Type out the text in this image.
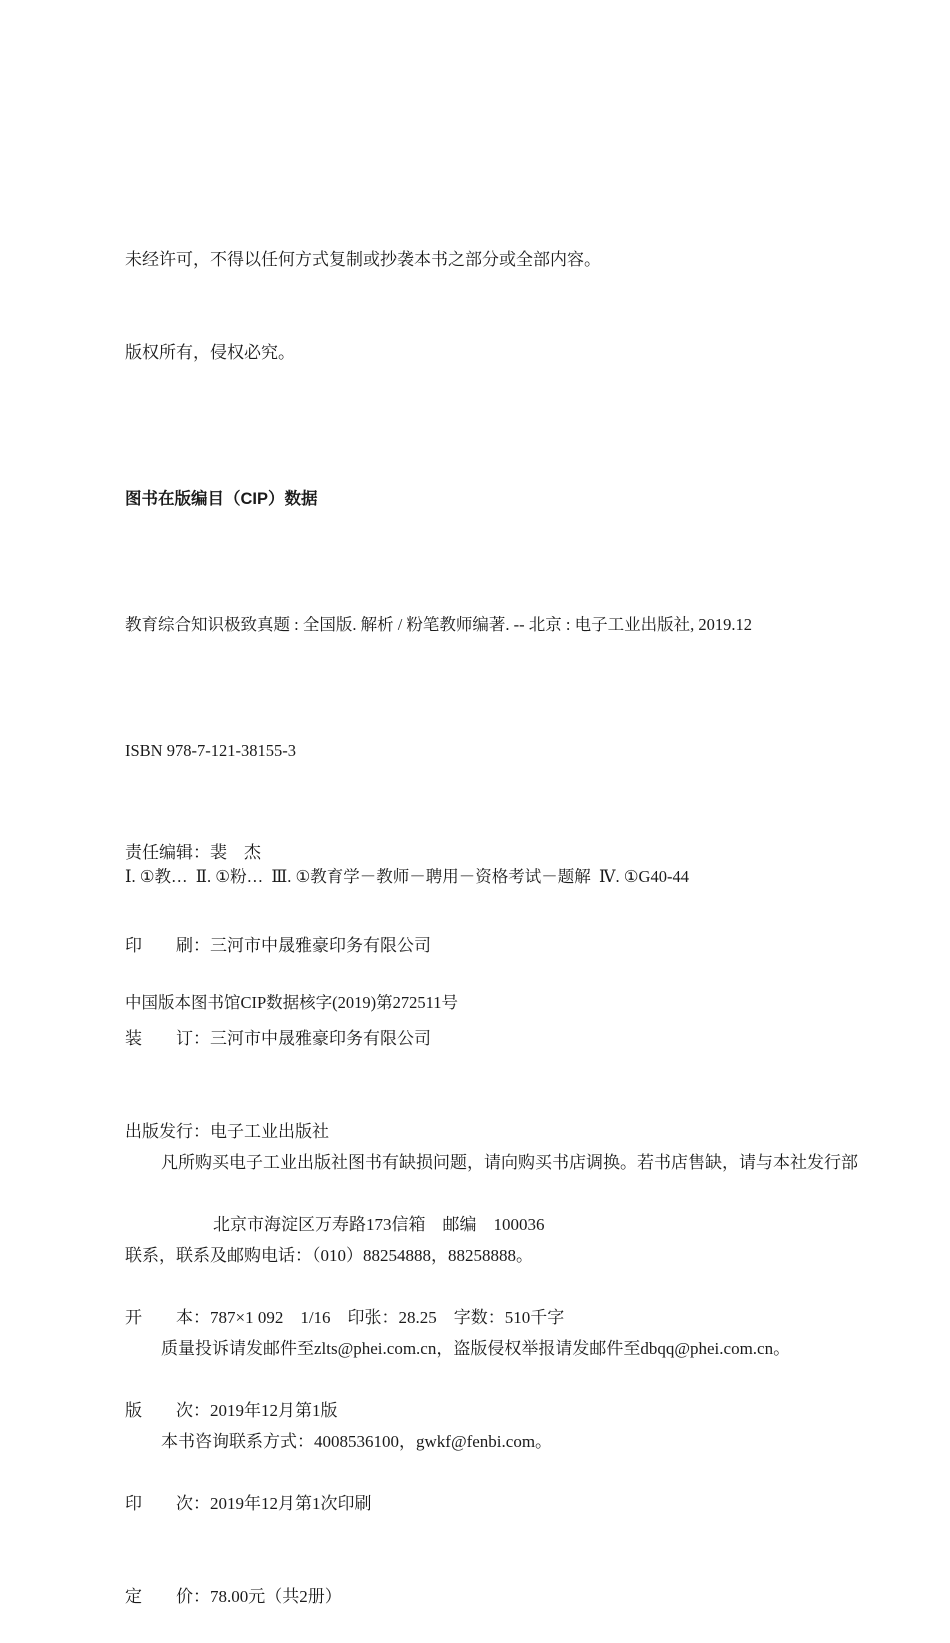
未经许可，不得以任何方式复制或抄袭本书之部分或全部内容。

版权所有，侵权必究。

图书在版编目（CIP）数据

教育综合知识极致真题 : 全国版. 解析 / 粉笔教师编著. -- 北京 : 电子工业出版社, 2019.12

ISBN 978-7-121-38155-3

Ⅰ. ①教…  Ⅱ. ①粉…  Ⅲ. ①教育学－教师－聘用－资格考试－题解  Ⅳ. ①G40-44

中国版本图书馆CIP数据核字(2019)第272511号

责任编辑：裴　杰

印刷：三河市中晟雅豪印务有限公司

装订：三河市中晟雅豪印务有限公司

出版发行：电子工业出版社

北京市海淀区万寿路173信箱　邮编　100036

开本：787×1 092　1/16　印张：28.25　字数：510千字

版次：2019年12月第1版

印次：2019年12月第1次印刷

定价：78.00元（共2册）

凡所购买电子工业出版社图书有缺损问题，请向购买书店调换。若书店售缺，请与本社发行部

联系，联系及邮购电话：（010）88254888，88258888。

质量投诉请发邮件至zlts@phei.com.cn，盗版侵权举报请发邮件至dbqq@phei.com.cn。

本书咨询联系方式：4008536100，gwkf@fenbi.com。
